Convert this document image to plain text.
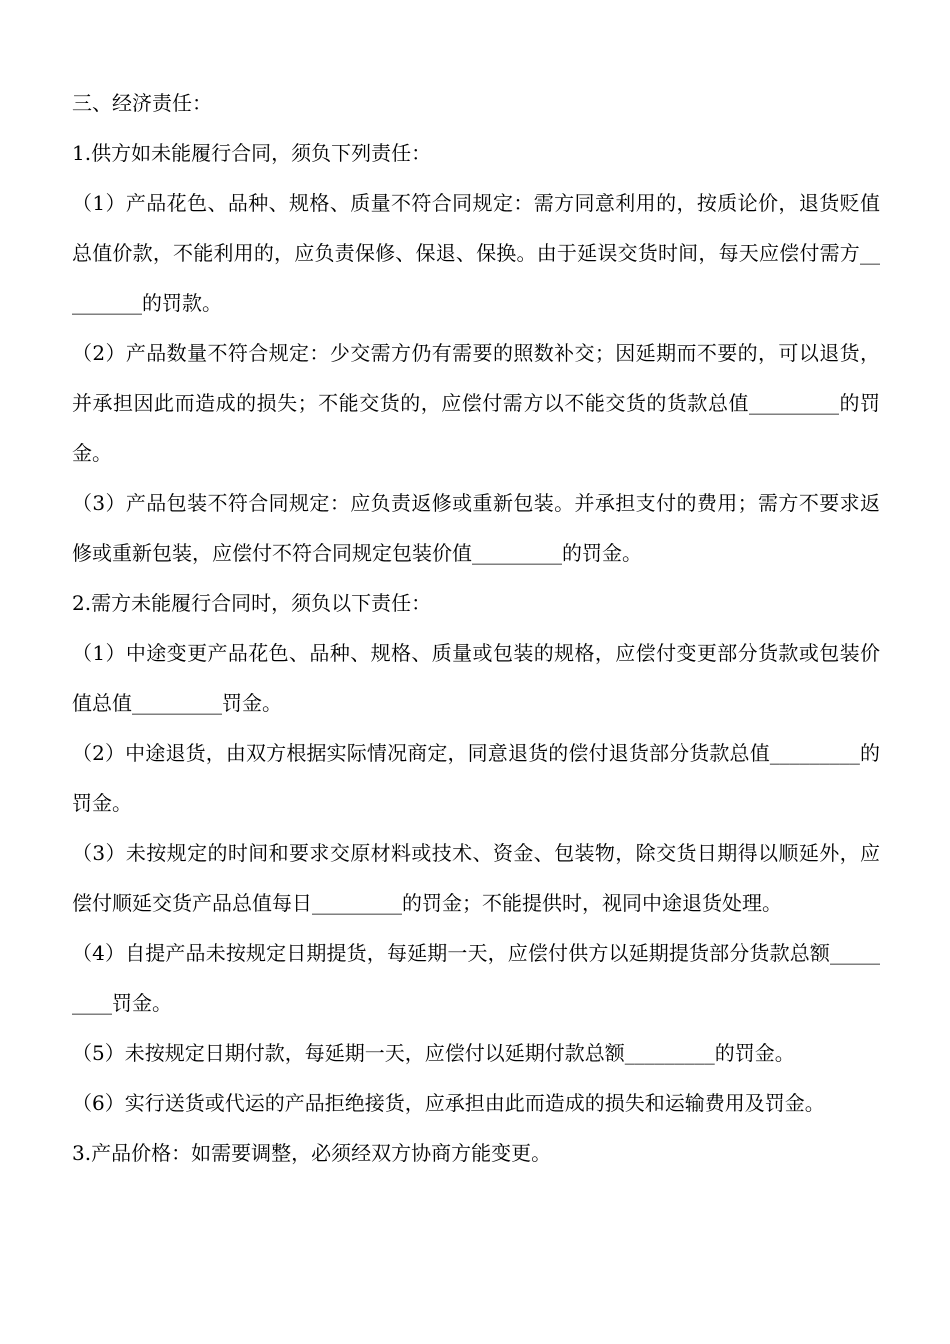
三、经济责任：

1.供方如未能履行合同，须负下列责任：

（1）产品花色、品种、规格、质量不符合同规定：需方同意利用的，按质论价，退货贬值总值价款，不能利用的，应负责保修、保退、保换。由于延误交货时间，每天应偿付需方_________的罚款。

（2）产品数量不符合规定：少交需方仍有需要的照数补交；因延期而不要的，可以退货，并承担因此而造成的损失；不能交货的，应偿付需方以不能交货的货款总值_________的罚金。

（3）产品包装不符合同规定：应负责返修或重新包装。并承担支付的费用；需方不要求返修或重新包装，应偿付不符合同规定包装价值_________的罚金。

2.需方未能履行合同时，须负以下责任：

（1）中途变更产品花色、品种、规格、质量或包装的规格，应偿付变更部分货款或包装价值总值_________罚金。

（2）中途退货，由双方根据实际情况商定，同意退货的偿付退货部分货款总值_________的罚金。

（3）未按规定的时间和要求交原材料或技术、资金、包装物，除交货日期得以顺延外，应偿付顺延交货产品总值每日_________的罚金；不能提供时，视同中途退货处理。

（4）自提产品未按规定日期提货，每延期一天，应偿付供方以延期提货部分货款总额_________罚金。

（5）未按规定日期付款，每延期一天，应偿付以延期付款总额_________的罚金。

（6）实行送货或代运的产品拒绝接货，应承担由此而造成的损失和运输费用及罚金。

3.产品价格：如需要调整，必须经双方协商方能变更。
